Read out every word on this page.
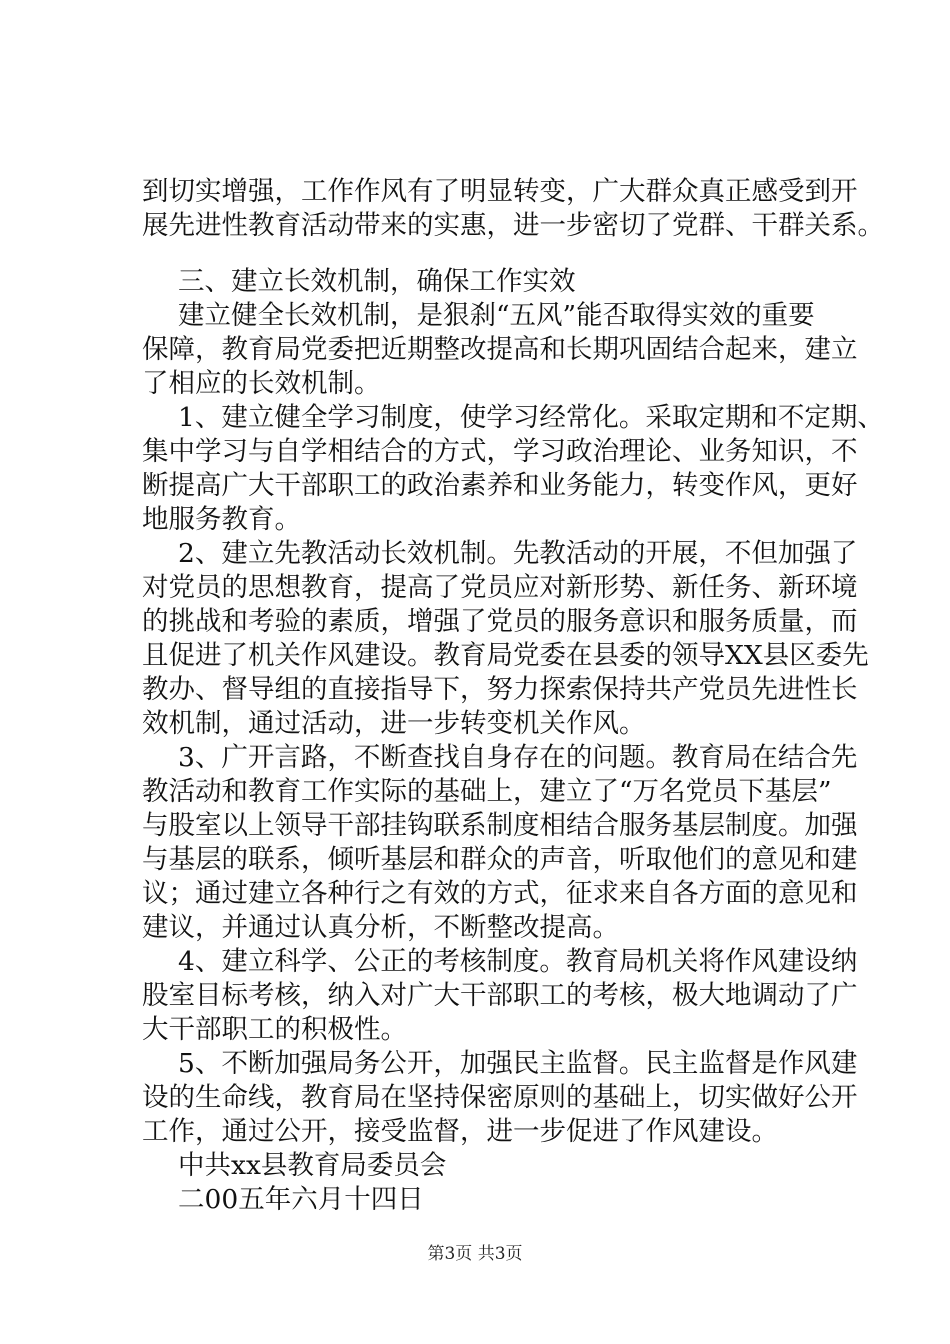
到切实增强，工作作风有了明显转变，广大群众真正感受到开
展先进性教育活动带来的实惠，进一步密切了党群、干群关系。
三、建立长效机制，确保工作实效
建立健全长效机制，是狠刹“五风”能否取得实效的重要
保障，教育局党委把近期整改提高和长期巩固结合起来，建立
了相应的长效机制。
1、建立健全学习制度，使学习经常化。采取定期和不定期、
集中学习与自学相结合的方式，学习政治理论、业务知识，不
断提高广大干部职工的政治素养和业务能力，转变作风，更好
地服务教育。
2、建立先教活动长效机制。先教活动的开展，不但加强了
对党员的思想教育，提高了党员应对新形势、新任务、新环境
的挑战和考验的素质，增强了党员的服务意识和服务质量，而
且促进了机关作风建设。教育局党委在县委的领导XX县区委先
教办、督导组的直接指导下，努力探索保持共产党员先进性长
效机制，通过活动，进一步转变机关作风。
3、广开言路，不断查找自身存在的问题。教育局在结合先
教活动和教育工作实际的基础上，建立了“万名党员下基层”
与股室以上领导干部挂钩联系制度相结合服务基层制度。加强
与基层的联系，倾听基层和群众的声音，听取他们的意见和建
议；通过建立各种行之有效的方式，征求来自各方面的意见和
建议，并通过认真分析，不断整改提高。
4、建立科学、公正的考核制度。教育局机关将作风建设纳
股室目标考核，纳入对广大干部职工的考核，极大地调动了广
大干部职工的积极性。
5、不断加强局务公开，加强民主监督。民主监督是作风建
设的生命线，教育局在坚持保密原则的基础上，切实做好公开
工作，通过公开，接受监督，进一步促进了作风建设。
中共xx县教育局委员会
二00五年六月十四日
第3页 共3页
